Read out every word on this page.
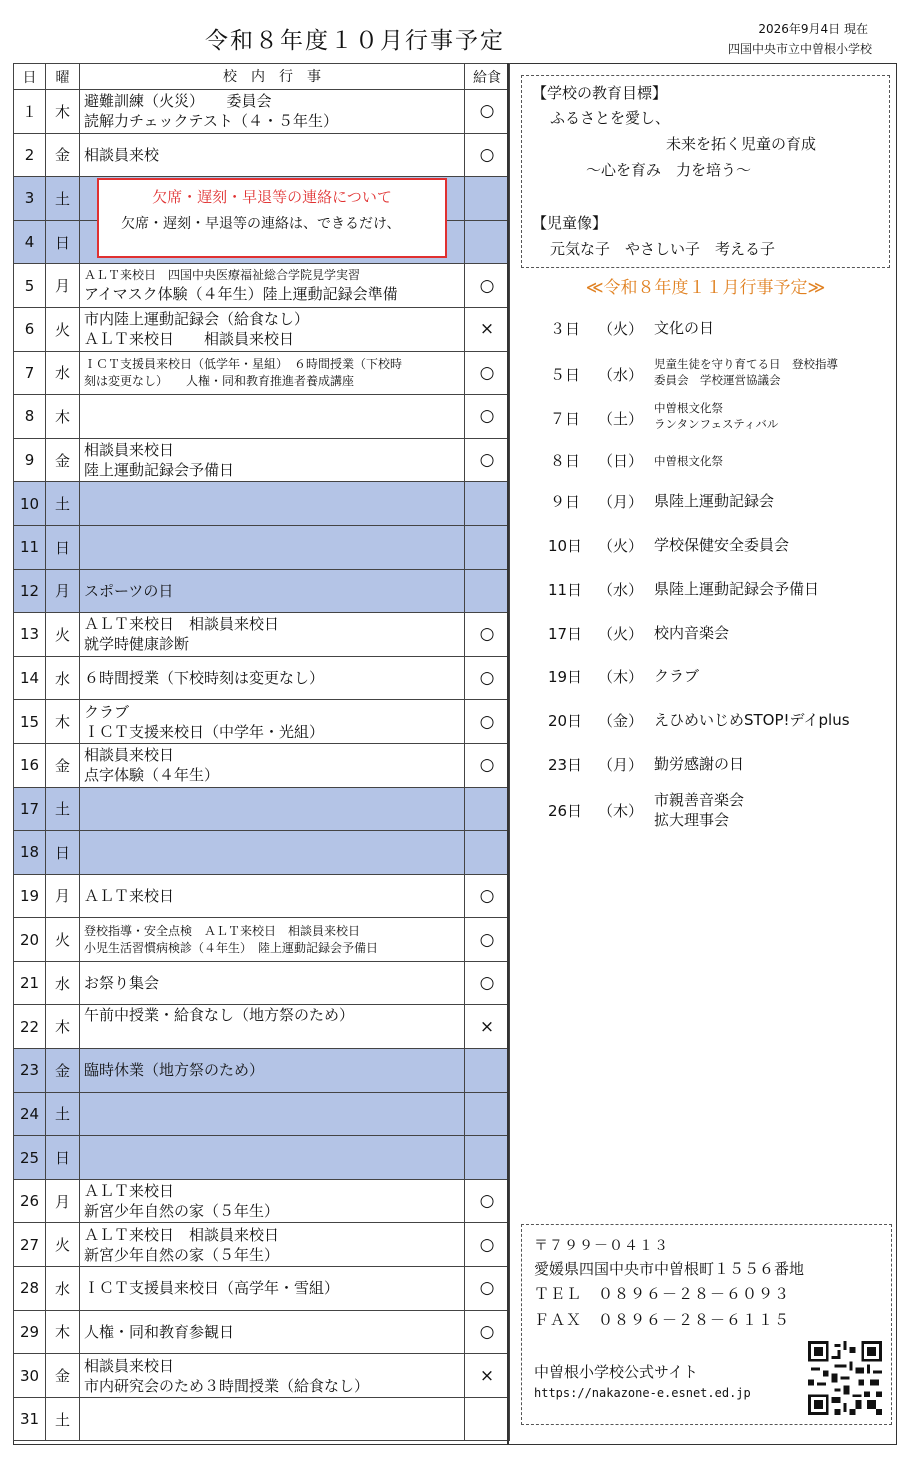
令和８年度１０月行事予定	2026年9月4日 現在
四国中央市立中曽根小学校
日	曜	校　内　行　事	給食
１	木	避難訓練（火災）　　委員会
読解力チェックテスト（４・５年生）	○
2	金	相談員来校	○
3	土		
4	日		
5	月	ＡＬＴ来校日　四国中央医療福祉総合学院見学実習
アイマスク体験（４年生）陸上運動記録会準備	○
6	火	市内陸上運動記録会（給食なし）
ＡＬＴ来校日　　相談員来校日	×
7	水	ＩＣＴ支援員来校日（低学年・星組）　６時間授業（下校時
刻は変更なし）　　人権・同和教育推進者養成講座	○
8	木		○
9	金	相談員来校日
陸上運動記録会予備日	○
10	土		
11	日		
12	月	スポーツの日	

13	火	ＡＬＴ来校日　相談員来校日
就学時健康診断	○
14	水	６時間授業（下校時刻は変更なし）	○
15	木	クラブ
ＩＣＴ支援来校日（中学年・光組）	○
16	金	相談員来校日
点字体験（４年生）	○
17	土		
18	日		
19	月	ＡＬＴ来校日	○
20	火	登校指導・安全点検　ＡＬＴ来校日　相談員来校日
小児生活習慣病検診（４年生）　陸上運動記録会予備日	○
21	水	お祭り集会	○
22	木	午前中授業・給食なし（地方祭のため）	×
23	金	臨時休業（地方祭のため）	

24	土		
25	日		
26	月	ＡＬＴ来校日
新宮少年自然の家（５年生）	○
27	火	ＡＬＴ来校日　相談員来校日
新宮少年自然の家（５年生）	○
28	水	ＩＣＴ支援員来校日（高学年・雪組）	○
29	木	人権・同和教育参観日	○
30	金	相談員来校日
市内研究会のため３時間授業（給食なし）	×
31	土		
欠席・遅刻・早退等の連絡について
欠席・遅刻・早退等の連絡は、できるだけ、
【学校の教育目標】
ふるさとを愛し、
未来を拓く児童の育成
～心を育み　力を培う～
【児童像】
元気な子　やさしい子　考える子
≪令和８年度１１月行事予定≫
３日	（火） 文化の日
５日	（水）
児童生徒を守り育てる日　登校指導
委員会　学校運営協議会
７日	（土）
中曽根文化祭
ランタンフェスティバル
８日	（日） 中曽根文化祭
９日	（月） 県陸上運動記録会
10日	（火） 学校保健安全委員会
11日	（水） 県陸上運動記録会予備日
17日	（火） 校内音楽会
19日	（木） クラブ
20日	（金） えひめいじめSTOP!デイplus
23日	（月） 勤労感謝の日
26日	（木）
市親善音楽会
拡大理事会
〒７９９－０４１３
愛媛県四国中央市中曽根町１５５６番地
ＴＥＬ　０８９６－２８－６０９３
ＦＡＸ　０８９６－２８－６１１５
中曽根小学校公式サイト
https://nakazone-e.esnet.ed.jp
